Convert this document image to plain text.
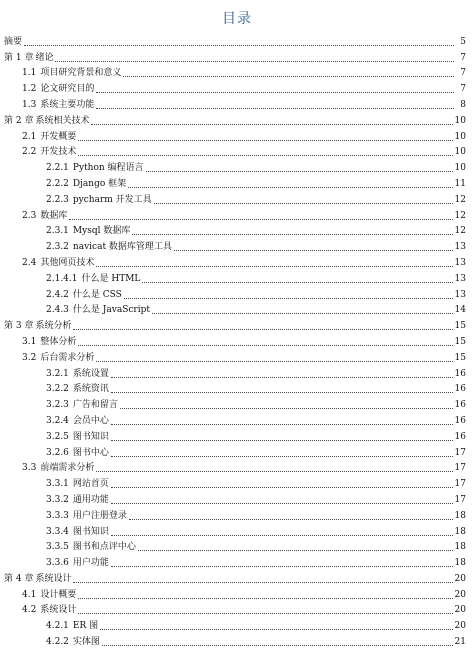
目录
摘要	5
第 1 章 绪论	7
1.1 项目研究背景和意义	7
1.2 论文研究目的	7
1.3 系统主要功能	8
第 2 章 系统相关技术	10
2.1 开发概要	10
2.2 开发技术	10
2.2.1 Python 编程语言	10
2.2.2 Django 框架	11
2.2.3 pycharm 开发工具	12
2.3 数据库	12
2.3.1 Mysql 数据库	12
2.3.2 navicat 数据库管理工具	13
2.4 其他网页技术	13
2.1.4.1 什么是 HTML	13
2.4.2 什么是 CSS	13
2.4.3 什么是 JavaScript	14
第 3 章 系统分析	15
3.1 整体分析	15
3.2 后台需求分析	15
3.2.1 系统设置	16
3.2.2 系统资讯	16
3.2.3 广告和留言	16
3.2.4 会员中心	16
3.2.5 图书知识	16
3.2.6 图书中心	17
3.3 前端需求分析	17
3.3.1 网站首页	17
3.3.2 通用功能	17
3.3.3 用户注册登录	18
3.3.4 图书知识	18
3.3.5 图书和点评中心	18
3.3.6 用户功能	18
第 4 章 系统设计	20
4.1 设计概要	20
4.2 系统设计	20
4.2.1 ER 图	20
4.2.2 实体图	21
